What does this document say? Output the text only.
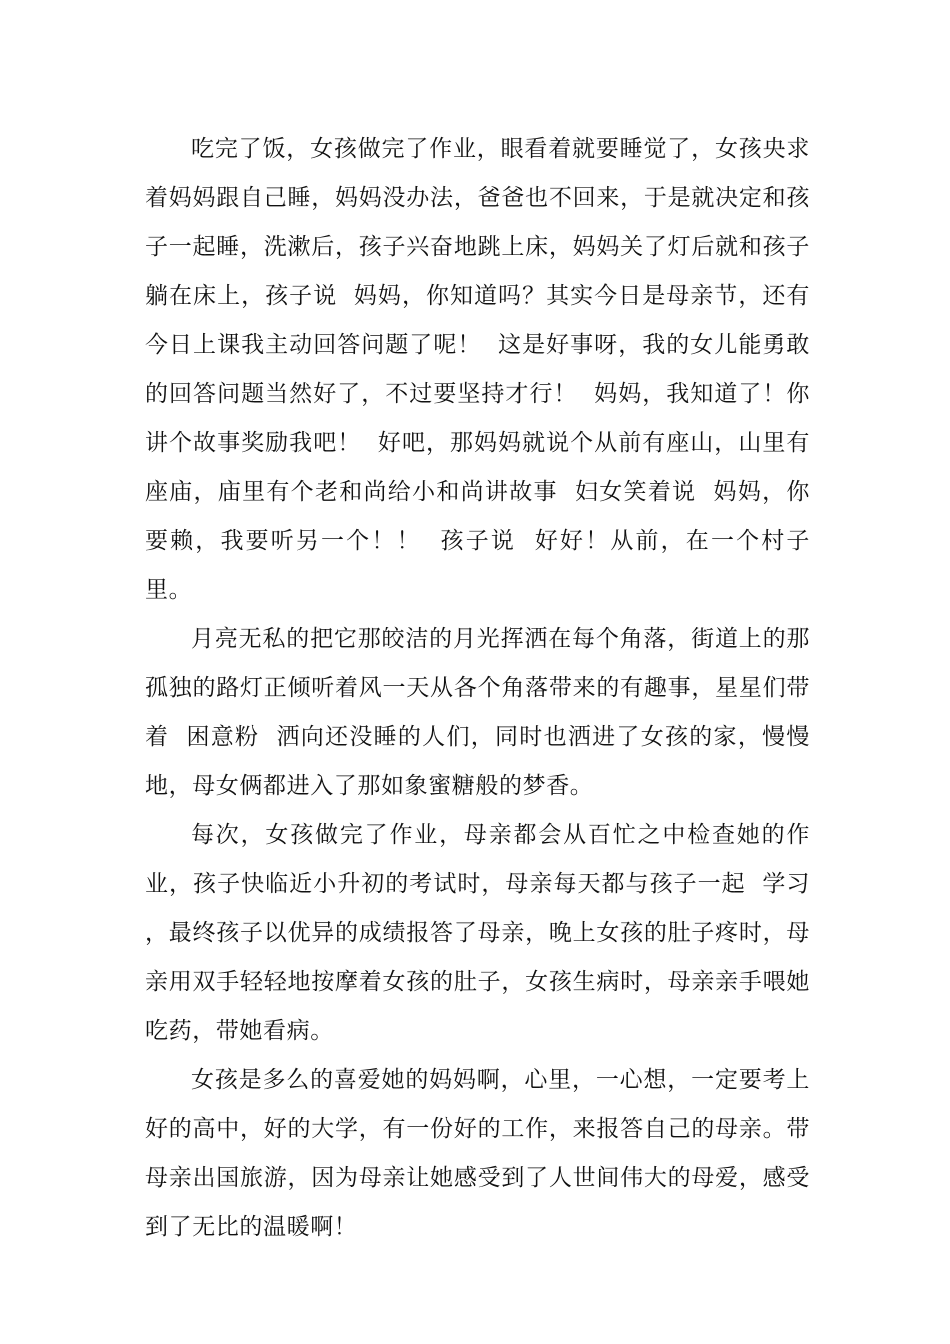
吃完了饭，女孩做完了作业，眼看着就要睡觉了，女孩央求着妈妈跟自己睡，妈妈没办法，爸爸也不回来，于是就决定和孩子一起睡，洗漱后，孩子兴奋地跳上床，妈妈关了灯后就和孩子躺在床上，孩子说  妈妈，你知道吗？其实今日是母亲节，还有今日上课我主动回答问题了呢！  这是好事呀，我的女儿能勇敢的回答问题当然好了，不过要坚持才行！  妈妈，我知道了！你讲个故事奖励我吧！  好吧，那妈妈就说个从前有座山，山里有座庙，庙里有个老和尚给小和尚讲故事  妇女笑着说  妈妈，你要赖，我要听另一个！！  孩子说  好好！从前，在一个村子里。

月亮无私的把它那皎洁的月光挥洒在每个角落，街道上的那孤独的路灯正倾听着风一天从各个角落带来的有趣事，星星们带着  困意粉  洒向还没睡的人们，同时也洒进了女孩的家，慢慢地，母女俩都进入了那如象蜜糖般的梦香。

每次，女孩做完了作业，母亲都会从百忙之中检查她的作业，孩子快临近小升初的考试时，母亲每天都与孩子一起  学习  ，最终孩子以优异的成绩报答了母亲，晚上女孩的肚子疼时，母亲用双手轻轻地按摩着女孩的肚子，女孩生病时，母亲亲手喂她吃药，带她看病。

女孩是多么的喜爱她的妈妈啊，心里，一心想，一定要考上好的高中，好的大学，有一份好的工作，来报答自己的母亲。带母亲出国旅游，因为母亲让她感受到了人世间伟大的母爱，感受到了无比的温暖啊！
